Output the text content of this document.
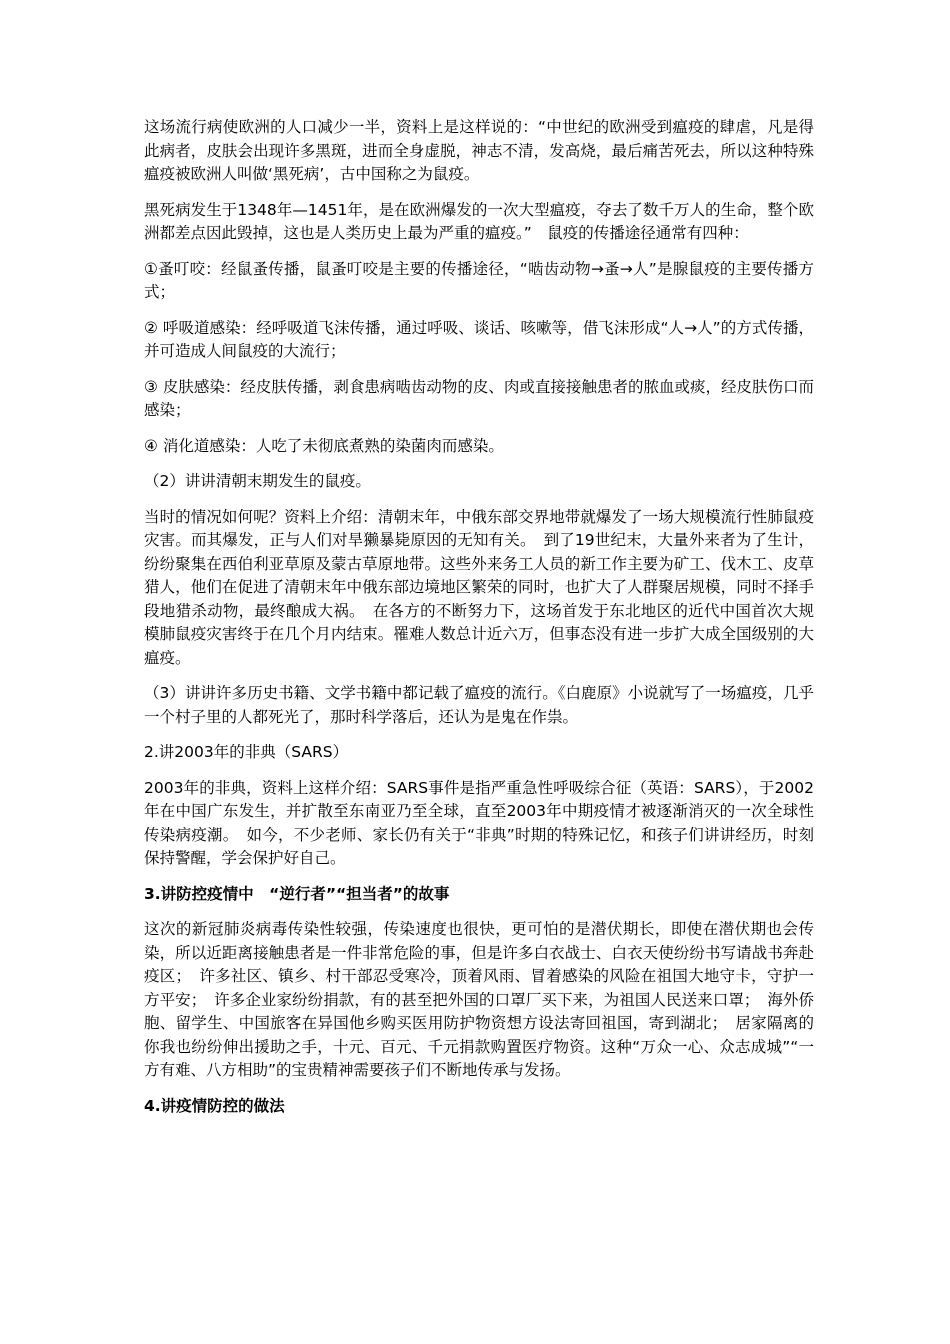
这场流行病使欧洲的人口减少一半，资料上是这样说的：“中世纪的欧洲受到瘟疫的肆虐，凡是得此病者，皮肤会出现许多黑斑，进而全身虚脱，神志不清，发高烧，最后痛苦死去，所以这种特殊瘟疫被欧洲人叫做‘黑死病’，古中国称之为鼠疫。

黑死病发生于1348年—1451年，是在欧洲爆发的一次大型瘟疫，夺去了数千万人的生命，整个欧洲都差点因此毁掉，这也是人类历史上最为严重的瘟疫。”　鼠疫的传播途径通常有四种：

①蚤叮咬：经鼠蚤传播，鼠蚤叮咬是主要的传播途径，“啮齿动物→蚤→人”是腺鼠疫的主要传播方式；

② 呼吸道感染：经呼吸道飞沫传播，通过呼吸、谈话、咳嗽等，借飞沫形成“人→人”的方式传播，并可造成人间鼠疫的大流行；

③ 皮肤感染：经皮肤传播，剥食患病啮齿动物的皮、肉或直接接触患者的脓血或痰，经皮肤伤口而感染；

④ 消化道感染：人吃了未彻底煮熟的染菌肉而感染。

（2）讲讲清朝末期发生的鼠疫。

当时的情况如何呢？资料上介绍：清朝末年，中俄东部交界地带就爆发了一场大规模流行性肺鼠疫灾害。而其爆发，正与人们对旱獭暴毙原因的无知有关。　到了19世纪末，大量外来者为了生计，纷纷聚集在西伯利亚草原及蒙古草原地带。这些外来务工人员的新工作主要为矿工、伐木工、皮草猎人，他们在促进了清朝末年中俄东部边境地区繁荣的同时，也扩大了人群聚居规模，同时不择手段地猎杀动物，最终酿成大祸。　在各方的不断努力下，这场首发于东北地区的近代中国首次大规模肺鼠疫灾害终于在几个月内结束。罹难人数总计近六万，但事态没有进一步扩大成全国级别的大瘟疫。

（3）讲讲许多历史书籍、文学书籍中都记载了瘟疫的流行。《白鹿原》小说就写了一场瘟疫，几乎一个村子里的人都死光了，那时科学落后，还认为是鬼在作祟。

2.讲2003年的非典（SARS）

2003年的非典，资料上这样介绍：SARS事件是指严重急性呼吸综合征（英语：SARS），于2002年在中国广东发生，并扩散至东南亚乃至全球，直至2003年中期疫情才被逐渐消灭的一次全球性传染病疫潮。　如今，不少老师、家长仍有关于“非典”时期的特殊记忆，和孩子们讲讲经历，时刻保持警醒，学会保护好自己。

3.讲防控疫情中　“逆行者”“担当者”的故事

这次的新冠肺炎病毒传染性较强，传染速度也很快，更可怕的是潜伏期长，即使在潜伏期也会传染，所以近距离接触患者是一件非常危险的事，但是许多白衣战士、白衣天使纷纷书写请战书奔赴疫区；　许多社区、镇乡、村干部忍受寒冷，顶着风雨、冒着感染的风险在祖国大地守卡，守护一方平安；　许多企业家纷纷捐款，有的甚至把外国的口罩厂买下来，为祖国人民送来口罩；　海外侨胞、留学生、中国旅客在异国他乡购买医用防护物资想方设法寄回祖国，寄到湖北；　居家隔离的你我也纷纷伸出援助之手，十元、百元、千元捐款购置医疗物资。这种“万众一心、众志成城”“一方有难、八方相助”的宝贵精神需要孩子们不断地传承与发扬。

4.讲疫情防控的做法
